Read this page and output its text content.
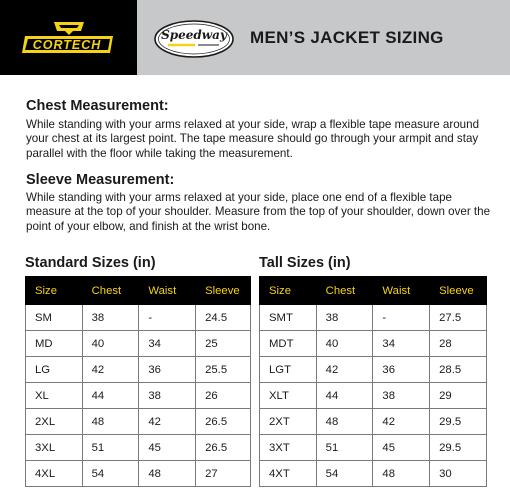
CORTECH
Speedway MEN’S JACKET SIZING
Chest Measurement:
While standing with your arms relaxed at your side, wrap a flexible tape measure around your chest at its largest point. The tape measure should go through your armpit and stay parallel with the floor while taking the measurement.
Sleeve Measurement:
While standing with your arms relaxed at your side, place one end of a flexible tape measure at the top of your shoulder. Measure from the top of your shoulder, down over the point of your elbow, and finish at the wrist bone.
Standard Sizes (in)
Size	Chest	Waist	Sleeve
SM	38	-	24.5
MD	40	34	25
LG	42	36	25.5
XL	44	38	26
2XL	48	42	26.5
3XL	51	45	26.5
4XL	54	48	27
Tall Sizes (in)
Size	Chest	Waist	Sleeve
SMT	38	-	27.5
MDT	40	34	28
LGT	42	36	28.5
XLT	44	38	29
2XT	48	42	29.5
3XT	51	45	29.5
4XT	54	48	30
